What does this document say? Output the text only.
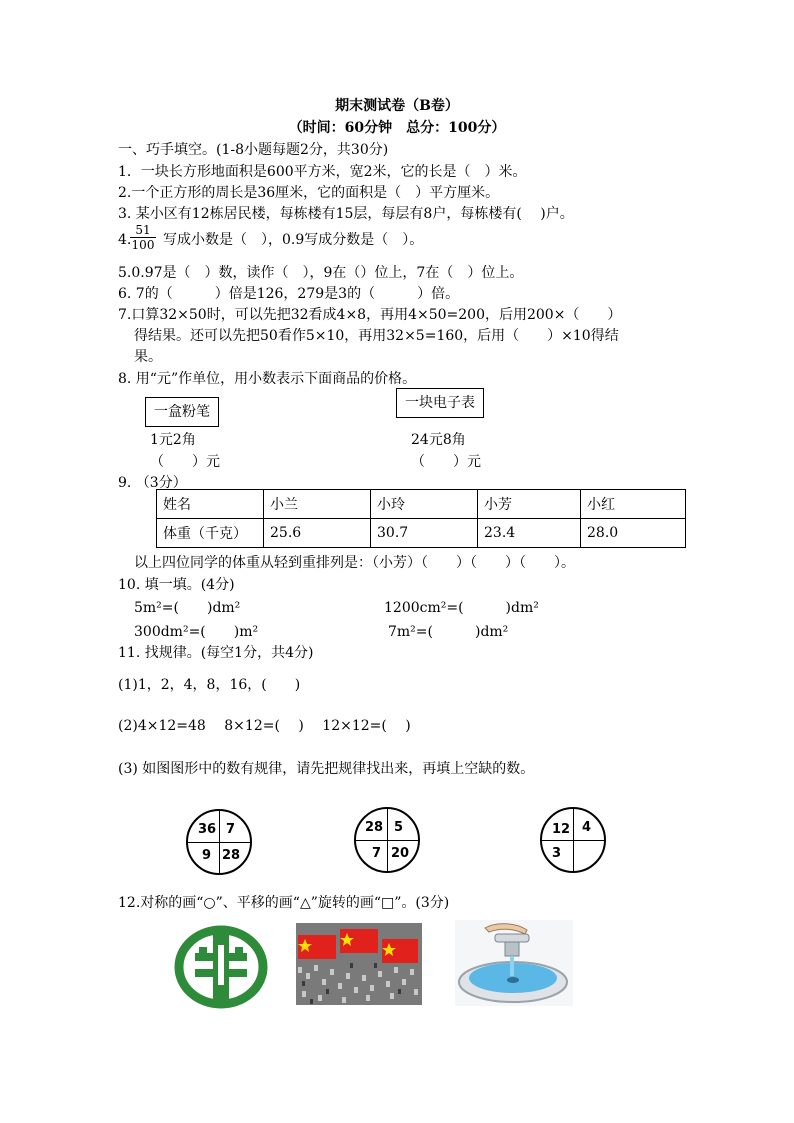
期末测试卷（B卷）
（时间：60分钟　总分：100分）
一、巧手填空。(1-8小题每题2分，共30分)
1．一块长方形地面积是600平方米，宽2米，它的长是（　）米。
2.一个正方形的周长是36厘米，它的面积是（　）平方厘米。
3. 某小区有12栋居民楼，每栋楼有15层，每层有8户，每栋楼有(　 )户。
4.
$\frac{51}{100}$ 写成小数是（　），0.9写成分数是（　）。
5.0.97是（　）数，读作（　），9在（）位上，7在（　）位上。
6. 7的（　　　）倍是126，279是3的（　　　）倍。
7.口算32×50时，可以先把32看成4×8，再用4×50=200，后用200×（　　）
得结果。还可以先把50看作5×10，再用32×5=160，后用（　　）×10得结
果。
8. 用“元”作单位，用小数表示下面商品的价格。
一盒粉笔
1元2角
（　　）元
一块电子表
24元8角
（　　）元
9. （3分）
姓名	小兰	小玲	小芳	小红
体重（千克）	25.6	30.7	23.4	28.0
以上四位同学的体重从轻到重排列是：（小芳）（　　）（　　）（　　）。
10. 填一填。(4分)
5m²=(　　)dm²	1200cm²=(　　　)dm²
300dm²=(　　)m²	7m²=(　　　)dm²
11. 找规律。(每空1分，共4分)
(1)1，2，4，8，16，(　　)
(2)4×12=48　 8×12=(　 )　 12×12=(　 )
(3) 如图图形中的数有规律，请先把规律找出来，再填上空缺的数。
36 7
9 28
28 5
7 20
12 4
3
12.对称的画“○”、平移的画“△”旋转的画“□”。(3分)
